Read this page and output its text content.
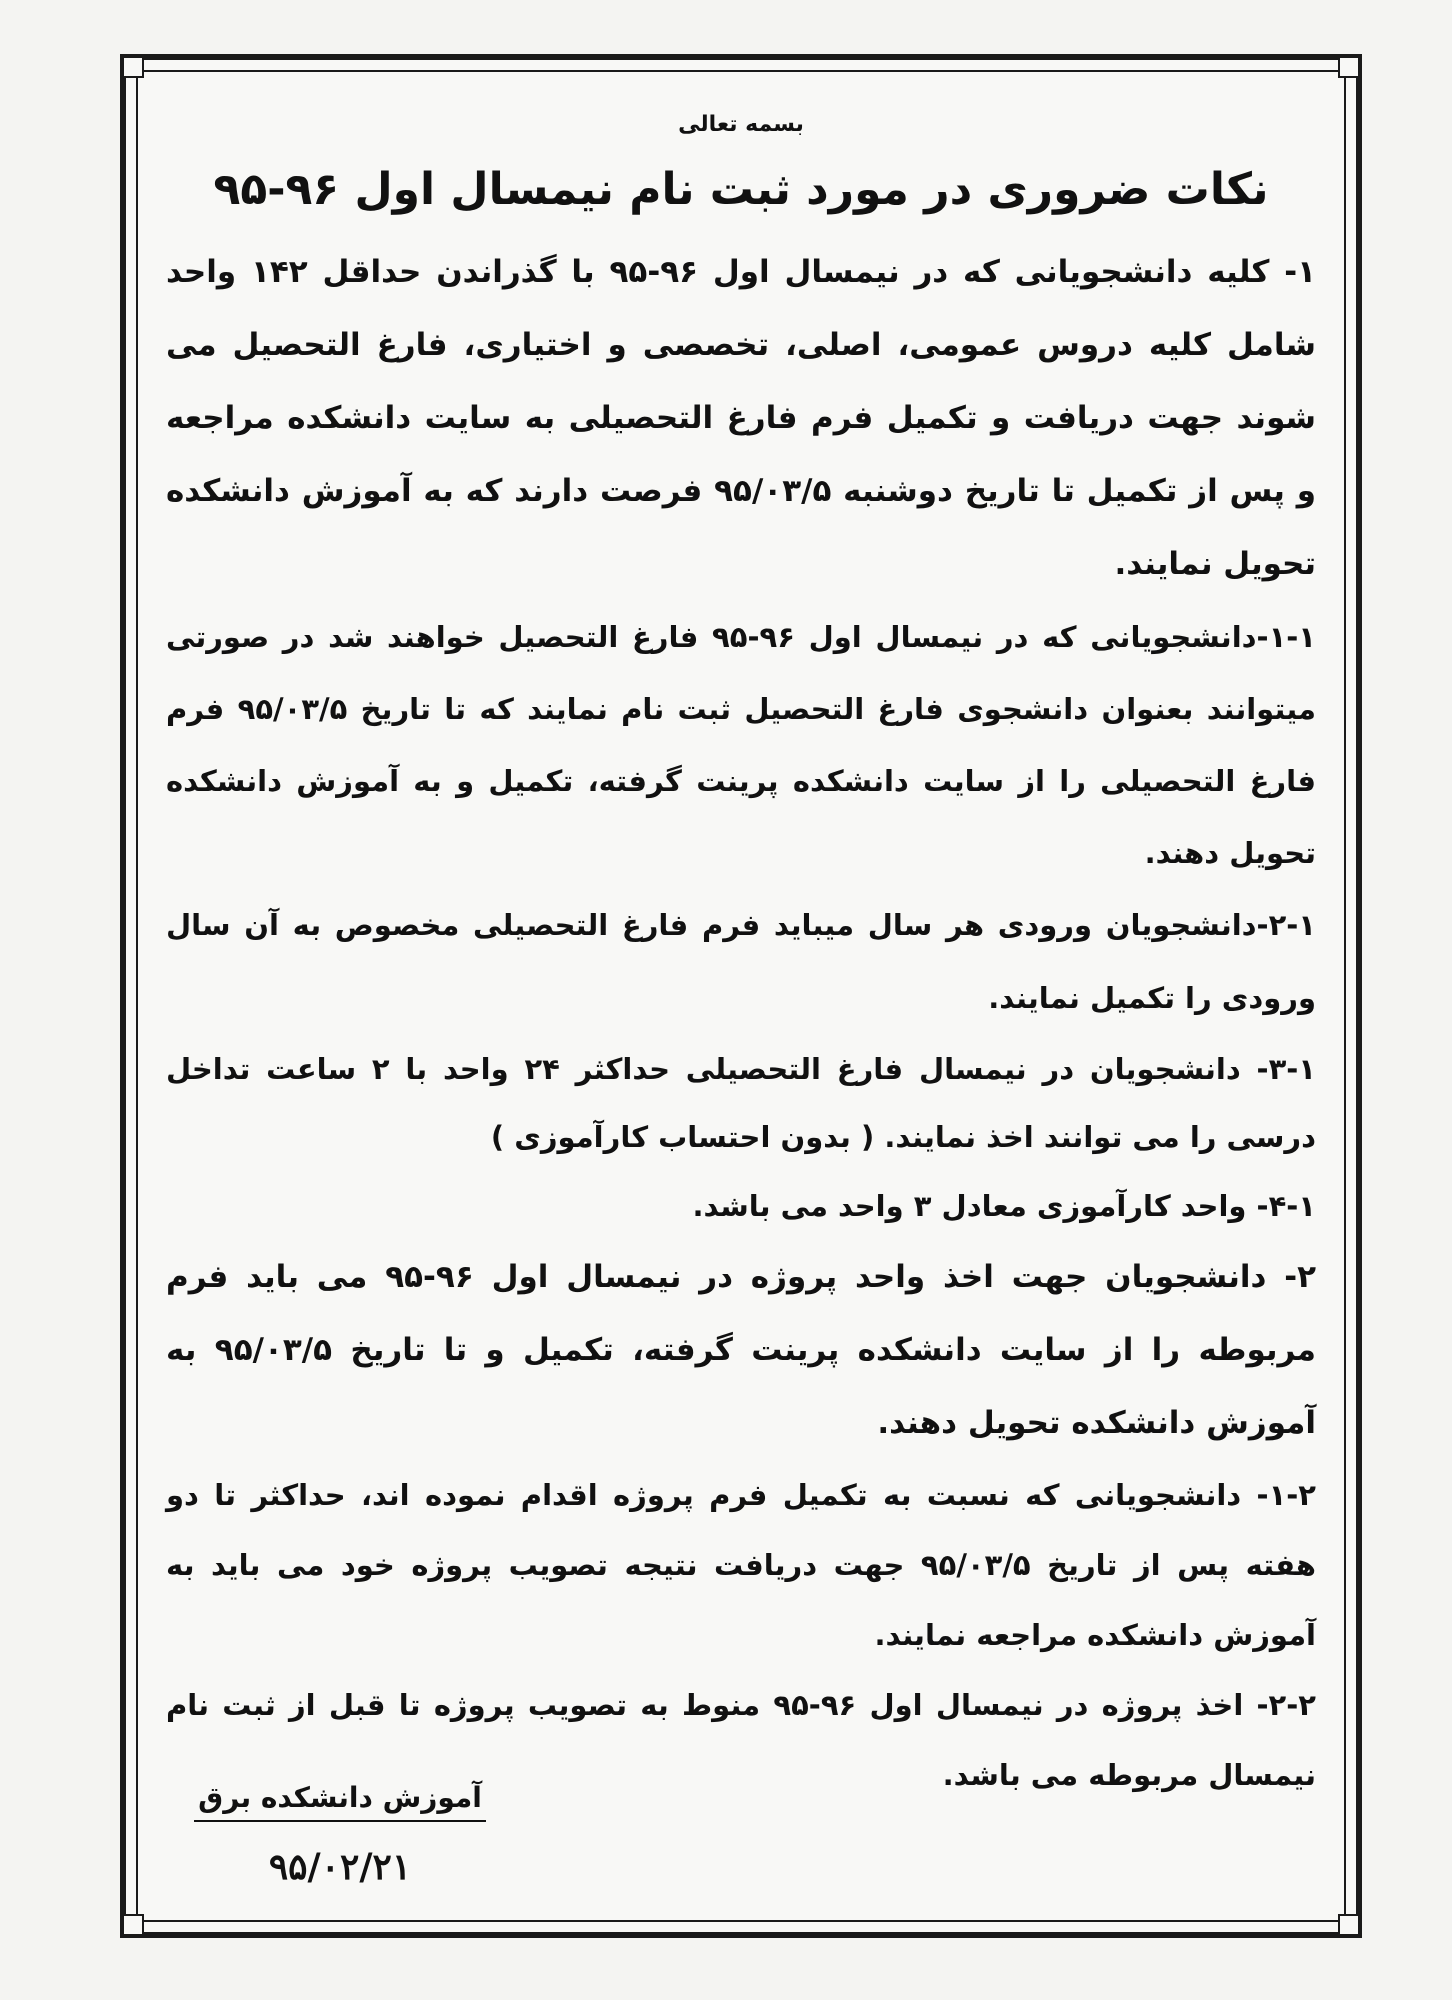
بسمه تعالی
نکات ضروری در مورد ثبت نام نیمسال اول ۹۶-۹۵

۱- کلیه دانشجویانی که در نیمسال اول ۹۶-۹۵ با گذراندن حداقل ۱۴۲ واحد شامل کلیه دروس عمومی، اصلی، تخصصی و اختیاری، فارغ التحصیل می شوند جهت دریافت و تکمیل فرم فارغ التحصیلی به سایت دانشکده مراجعه و پس از تکمیل تا تاریخ دوشنبه ۹۵/۰۳/۵ فرصت دارند که به آموزش دانشکده تحویل نمایند.

۱-۱-دانشجویانی که در نیمسال اول ۹۶-۹۵ فارغ التحصیل خواهند شد در صورتی میتوانند بعنوان دانشجوی فارغ التحصیل ثبت نام نمایند که تا تاریخ ۹۵/۰۳/۵ فرم فارغ التحصیلی را از سایت دانشکده پرینت گرفته، تکمیل و به آموزش دانشکده تحویل دهند.

۲-۱-دانشجویان ورودی هر سال میباید فرم فارغ التحصیلی مخصوص به آن سال ورودی را تکمیل نمایند.

۳-۱- دانشجویان در نیمسال فارغ التحصیلی حداکثر ۲۴ واحد با ۲ ساعت تداخل درسی را می توانند اخذ نمایند. ( بدون احتساب کارآموزی )

۴-۱- واحد کارآموزی معادل ۳ واحد می باشد.

۲- دانشجویان جهت اخذ واحد پروژه در نیمسال اول ۹۶-۹۵ می باید فرم مربوطه را از سایت دانشکده پرینت گرفته، تکمیل و تا تاریخ ۹۵/۰۳/۵ به آموزش دانشکده تحویل دهند.

۱-۲- دانشجویانی که نسبت به تکمیل فرم پروژه اقدام نموده اند، حداکثر تا دو هفته پس از تاریخ ۹۵/۰۳/۵ جهت دریافت نتیجه تصویب پروژه خود می باید به آموزش دانشکده مراجعه نمایند.

۲-۲- اخذ پروژه در نیمسال اول ۹۶-۹۵ منوط به تصویب پروژه تا قبل از ثبت نام نیمسال مربوطه می باشد.

آموزش دانشکده برق
۹۵/۰۲/۲۱
